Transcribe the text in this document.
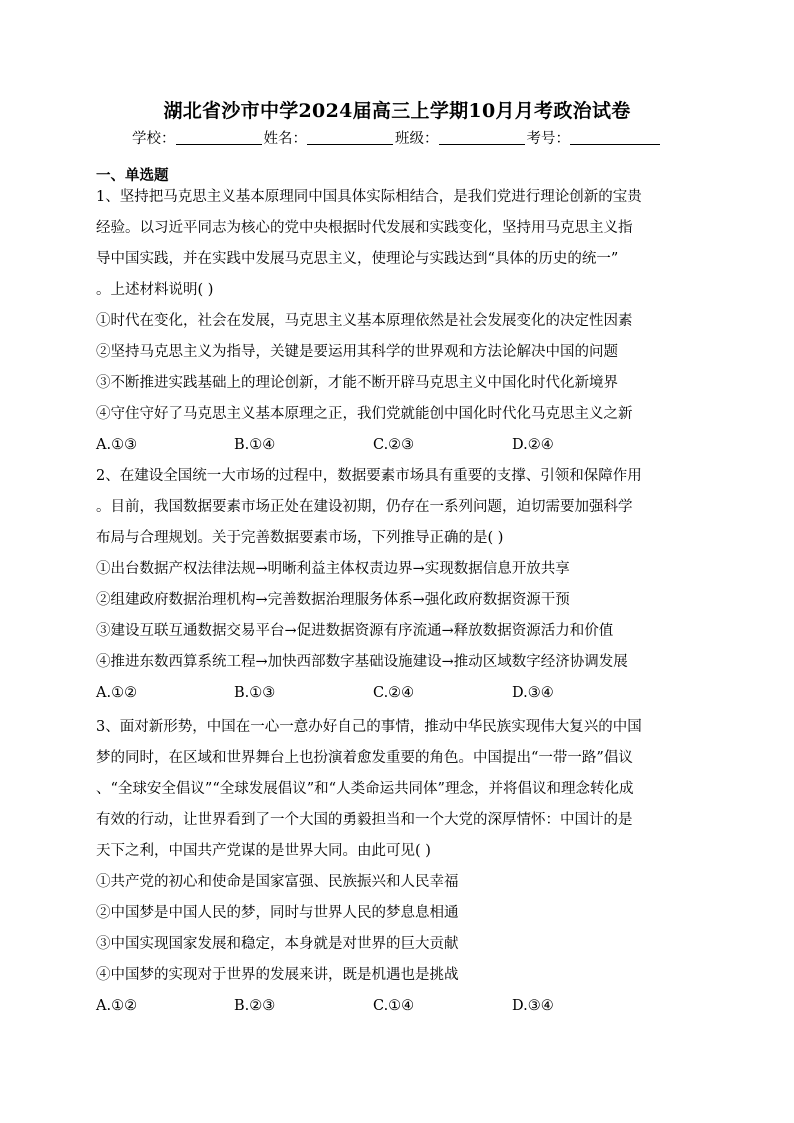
湖北省沙市中学2024届高三上学期10月月考政治试卷
学校：	姓名：	班级：	考号：
一、单选题
1、坚持把马克思主义基本原理同中国具体实际相结合，是我们党进行理论创新的宝贵
经验。以习近平同志为核心的党中央根据时代发展和实践变化，坚持用马克思主义指
导中国实践，并在实践中发展马克思主义，使理论与实践达到“具体的历史的统一”
。上述材料说明( )
①时代在变化，社会在发展，马克思主义基本原理依然是社会发展变化的决定性因素
②坚持马克思主义为指导，关键是要运用其科学的世界观和方法论解决中国的问题
③不断推进实践基础上的理论创新，才能不断开辟马克思主义中国化时代化新境界
④守住守好了马克思主义基本原理之正，我们党就能创中国化时代化马克思主义之新
A.①③	B.①④	C.②③	D.②④
2、在建设全国统一大市场的过程中，数据要素市场具有重要的支撑、引领和保障作用
。目前，我国数据要素市场正处在建设初期，仍存在一系列问题，迫切需要加强科学
布局与合理规划。关于完善数据要素市场，下列推导正确的是( )
①出台数据产权法律法规→明晰利益主体权责边界→实现数据信息开放共享
②组建政府数据治理机构→完善数据治理服务体系→强化政府数据资源干预
③建设互联互通数据交易平台→促进数据资源有序流通→释放数据资源活力和价值
④推进东数西算系统工程→加快西部数字基础设施建设→推动区域数字经济协调发展
A.①②	B.①③	C.②④	D.③④
3、面对新形势，中国在一心一意办好自己的事情，推动中华民族实现伟大复兴的中国
梦的同时，在区域和世界舞台上也扮演着愈发重要的角色。中国提出“一带一路”倡议
、“全球安全倡议”“全球发展倡议”和“人类命运共同体”理念，并将倡议和理念转化成
有效的行动，让世界看到了一个大国的勇毅担当和一个大党的深厚情怀：中国计的是
天下之利，中国共产党谋的是世界大同。由此可见( )
①共产党的初心和使命是国家富强、民族振兴和人民幸福
②中国梦是中国人民的梦，同时与世界人民的梦息息相通
③中国实现国家发展和稳定，本身就是对世界的巨大贡献
④中国梦的实现对于世界的发展来讲，既是机遇也是挑战
A.①②	B.②③	C.①④	D.③④
